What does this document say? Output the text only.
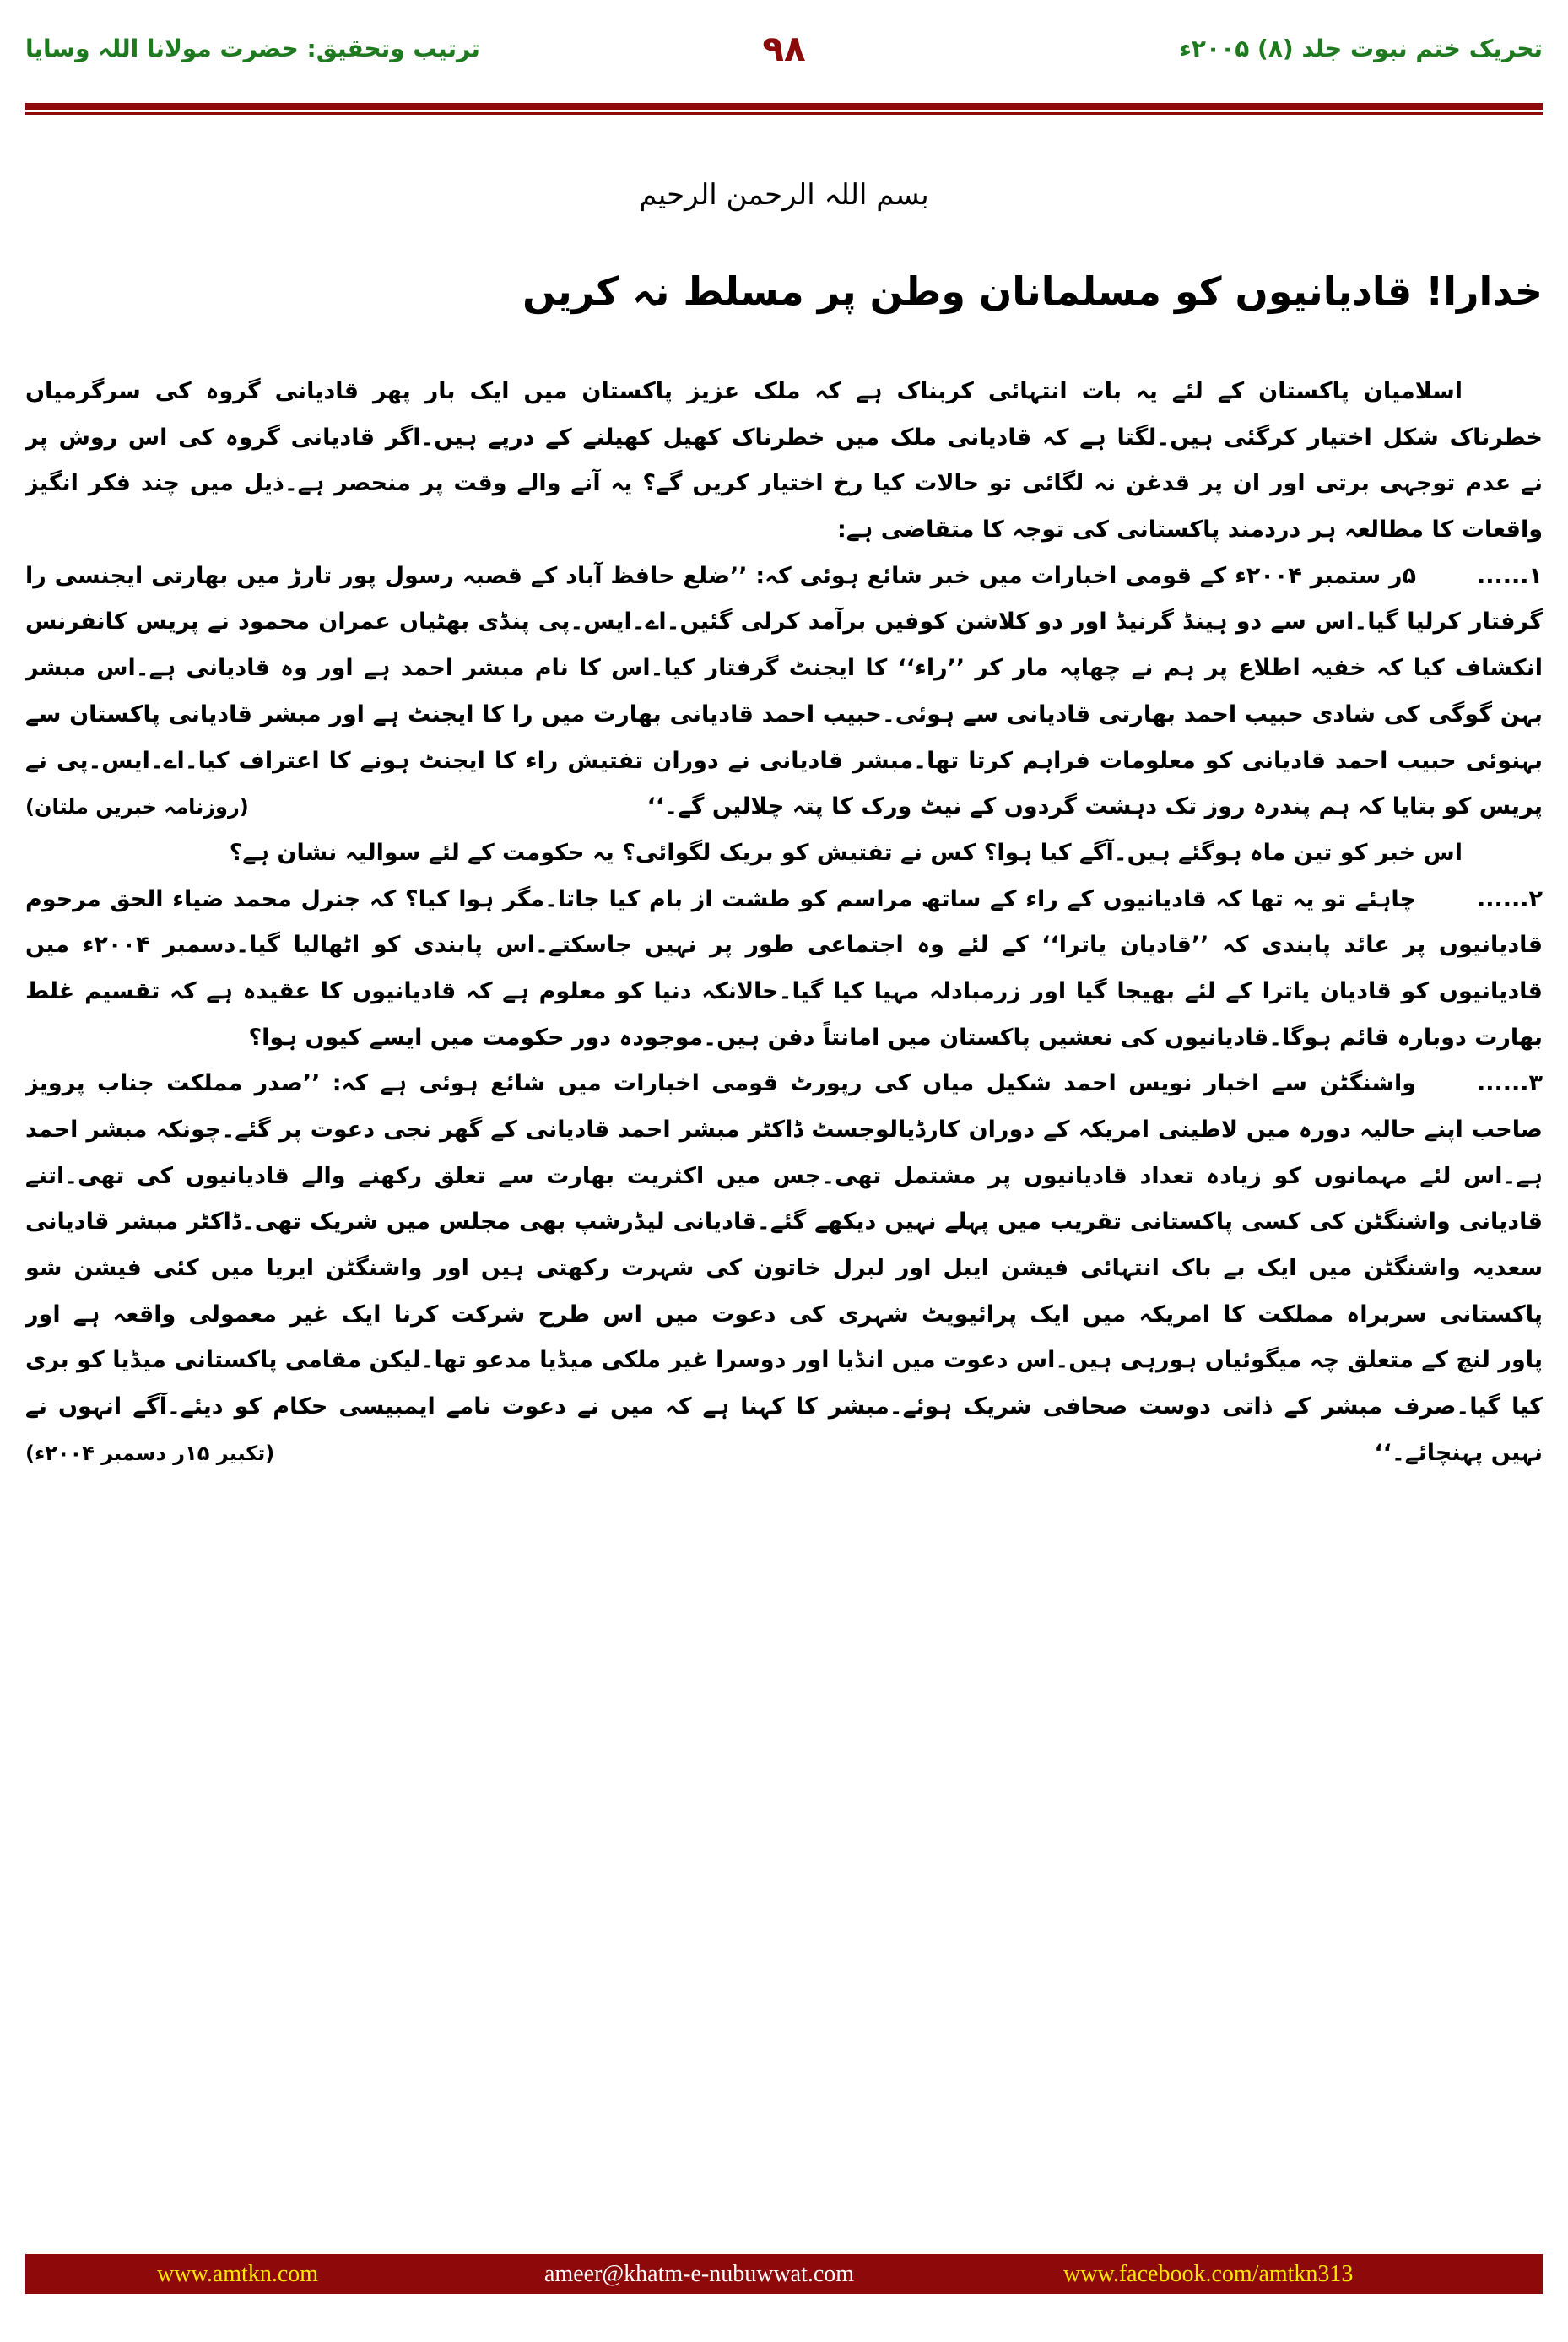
تحریک ختم نبوت جلد (۸) ۲۰۰۵ء
۹۸
ترتیب وتحقیق: حضرت مولانا اللہ وسایا
بسم اللہ الرحمن الرحیم
خدارا! قادیانیوں کو مسلمانان وطن پر مسلط نہ کریں
اسلامیان پاکستان کے لئے یہ بات انتہائی کربناک ہے کہ ملک عزیز پاکستان میں ایک بار پھر قادیانی گروہ کی سرگرمیاں
خطرناک شکل اختیار کرگئی ہیں۔لگتا ہے کہ قادیانی ملک میں خطرناک کھیل کھیلنے کے درپے ہیں۔اگر قادیانی گروہ کی اس روش پر
نے عدم توجہی برتی اور ان پر قدغن نہ لگائی تو حالات کیا رخ اختیار کریں گے؟ یہ آنے والے وقت پر منحصر ہے۔ذیل میں چند فکر انگیز
واقعات کا مطالعہ ہر دردمند پاکستانی کی توجہ کا متقاضی ہے:
۱......۵ر ستمبر ۲۰۰۴ء کے قومی اخبارات میں خبر شائع ہوئی کہ: ’’ضلع حافظ آباد کے قصبہ رسول پور تارڑ میں بھارتی ایجنسی را
گرفتار کرلیا گیا۔اس سے دو ہینڈ گرنیڈ اور دو کلاشن کوفیں برآمد کرلی گئیں۔اے۔ایس۔پی پنڈی بھٹیاں عمران محمود نے پریس کانفرنس
انکشاف کیا کہ خفیہ اطلاع پر ہم نے چھاپہ مار کر ’’راء‘‘ کا ایجنٹ گرفتار کیا۔اس کا نام مبشر احمد ہے اور وہ قادیانی ہے۔اس مبشر
بہن گوگی کی شادی حبیب احمد بھارتی قادیانی سے ہوئی۔حبیب احمد قادیانی بھارت میں را کا ایجنٹ ہے اور مبشر قادیانی پاکستان سے
بہنوئی حبیب احمد قادیانی کو معلومات فراہم کرتا تھا۔مبشر قادیانی نے دوران تفتیش راء کا ایجنٹ ہونے کا اعتراف کیا۔اے۔ایس۔پی نے
پریس کو بتایا کہ ہم پندرہ روز تک دہشت گردوں کے نیٹ ورک کا پتہ چلالیں گے۔‘‘
(روزنامہ خبریں ملتان)
اس خبر کو تین ماہ ہوگئے ہیں۔آگے کیا ہوا؟ کس نے تفتیش کو بریک لگوائی؟ یہ حکومت کے لئے سوالیہ نشان ہے؟
۲......چاہئے تو یہ تھا کہ قادیانیوں کے راء کے ساتھ مراسم کو طشت از بام کیا جاتا۔مگر ہوا کیا؟ کہ جنرل محمد ضیاء الحق مرحوم
قادیانیوں پر عائد پابندی کہ ’’قادیان یاترا‘‘ کے لئے وہ اجتماعی طور پر نہیں جاسکتے۔اس پابندی کو اٹھالیا گیا۔دسمبر ۲۰۰۴ء میں
قادیانیوں کو قادیان یاترا کے لئے بھیجا گیا اور زرمبادلہ مہیا کیا گیا۔حالانکہ دنیا کو معلوم ہے کہ قادیانیوں کا عقیدہ ہے کہ تقسیم غلط
بھارت دوبارہ قائم ہوگا۔قادیانیوں کی نعشیں پاکستان میں امانتاً دفن ہیں۔موجودہ دور حکومت میں ایسے کیوں ہوا؟
۳......واشنگٹن سے اخبار نویس احمد شکیل میاں کی رپورٹ قومی اخبارات میں شائع ہوئی ہے کہ: ’’صدر مملکت جناب پرویز
صاحب اپنے حالیہ دورہ میں لاطینی امریکہ کے دوران کارڈیالوجسٹ ڈاکٹر مبشر احمد قادیانی کے گھر نجی دعوت پر گئے۔چونکہ مبشر احمد
ہے۔اس لئے مہمانوں کو زیادہ تعداد قادیانیوں پر مشتمل تھی۔جس میں اکثریت بھارت سے تعلق رکھنے والے قادیانیوں کی تھی۔اتنے
قادیانی واشنگٹن کی کسی پاکستانی تقریب میں پہلے نہیں دیکھے گئے۔قادیانی لیڈرشپ بھی مجلس میں شریک تھی۔ڈاکٹر مبشر قادیانی
سعدیہ واشنگٹن میں ایک بے باک انتہائی فیشن ایبل اور لبرل خاتون کی شہرت رکھتی ہیں اور واشنگٹن ایریا میں کئی فیشن شو
پاکستانی سربراہ مملکت کا امریکہ میں ایک پرائیویٹ شہری کی دعوت میں اس طرح شرکت کرنا ایک غیر معمولی واقعہ ہے اور
پاور لنچ کے متعلق چہ میگوئیاں ہورہی ہیں۔اس دعوت میں انڈیا اور دوسرا غیر ملکی میڈیا مدعو تھا۔لیکن مقامی پاکستانی میڈیا کو بری
کیا گیا۔صرف مبشر کے ذاتی دوست صحافی شریک ہوئے۔مبشر کا کہنا ہے کہ میں نے دعوت نامے ایمبیسی حکام کو دیئے۔آگے انہوں نے
نہیں پہنچائے۔‘‘
(تکبیر ۱۵ر دسمبر ۲۰۰۴ء)
www.amtkn.com	ameer@khatm-e-nubuwwat.com	www.facebook.com/amtkn313
